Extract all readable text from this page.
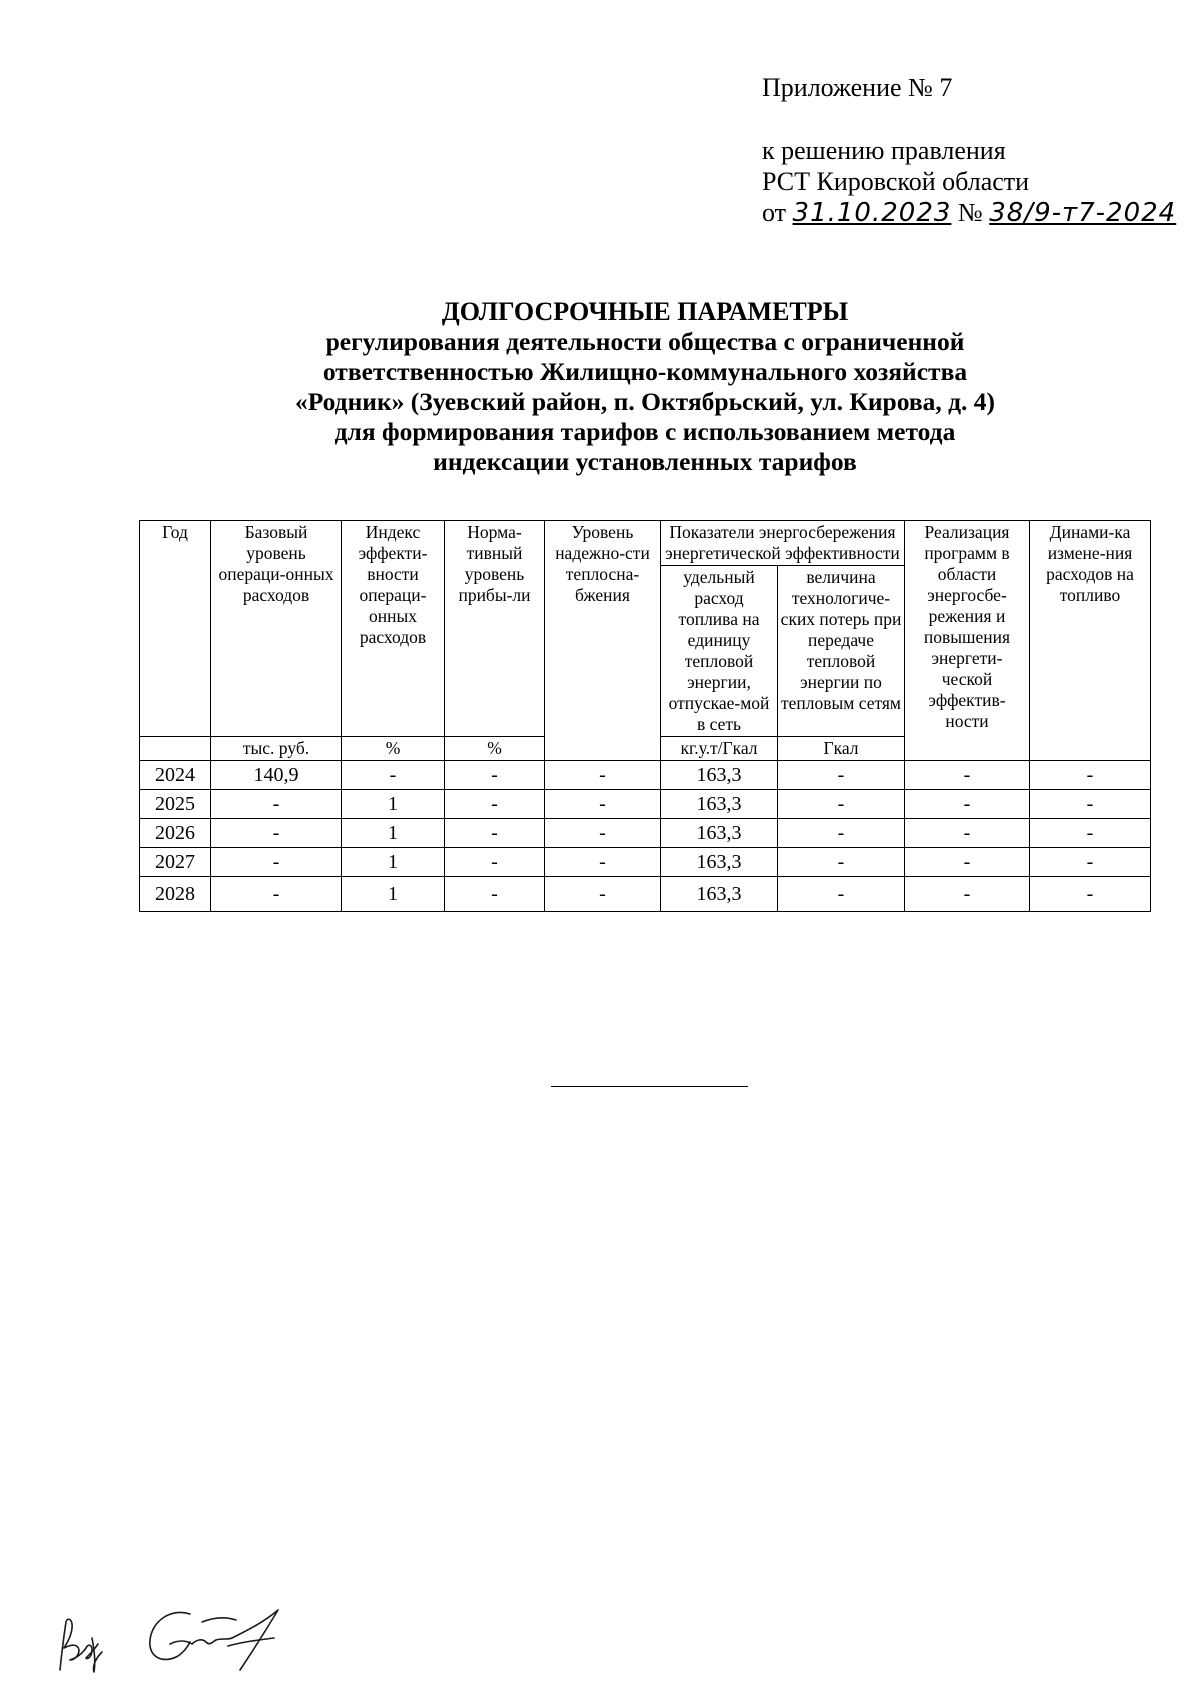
Приложение № 7
к решению правления
РСТ Кировской области
от 31.10.2023 № 38/9-т7-2024
ДОЛГОСРОЧНЫЕ ПАРАМЕТРЫ
регулирования деятельности общества с ограниченной
ответственностью Жилищно-коммунального хозяйства
«Родник» (Зуевский район, п. Октябрьский, ул. Кирова, д. 4)
для формирования тарифов с использованием метода
индексации установленных тарифов
Год	Базовый уровень операци-онных расходов	Индекс эффекти-вности операци-онных расходов	Норма-тивный уровень прибы-ли	Уровень надежно-сти теплосна-бжения	Показатели энергосбережения энергетической эффективности		Реализация программ в области энергосбе-режения и повышения энергети-ческой эффектив-ности	Динами-ка измене-ния расходов на топливо
					удельный расход топлива на единицу тепловой энергии, отпускае-мой в сеть	величина технологиче-ских потерь при передаче тепловой энергии по тепловым сетям		
	тыс. руб.	%	%		кг.у.т/Гкал	Гкал		
2024	140,9	-	-	-	163,3	-	-	-
2025	-	1	-	-	163,3	-	-	-
2026	-	1	-	-	163,3	-	-	-
2027	-	1	-	-	163,3	-	-	-
2028	-	1	-	-	163,3	-	-	-
